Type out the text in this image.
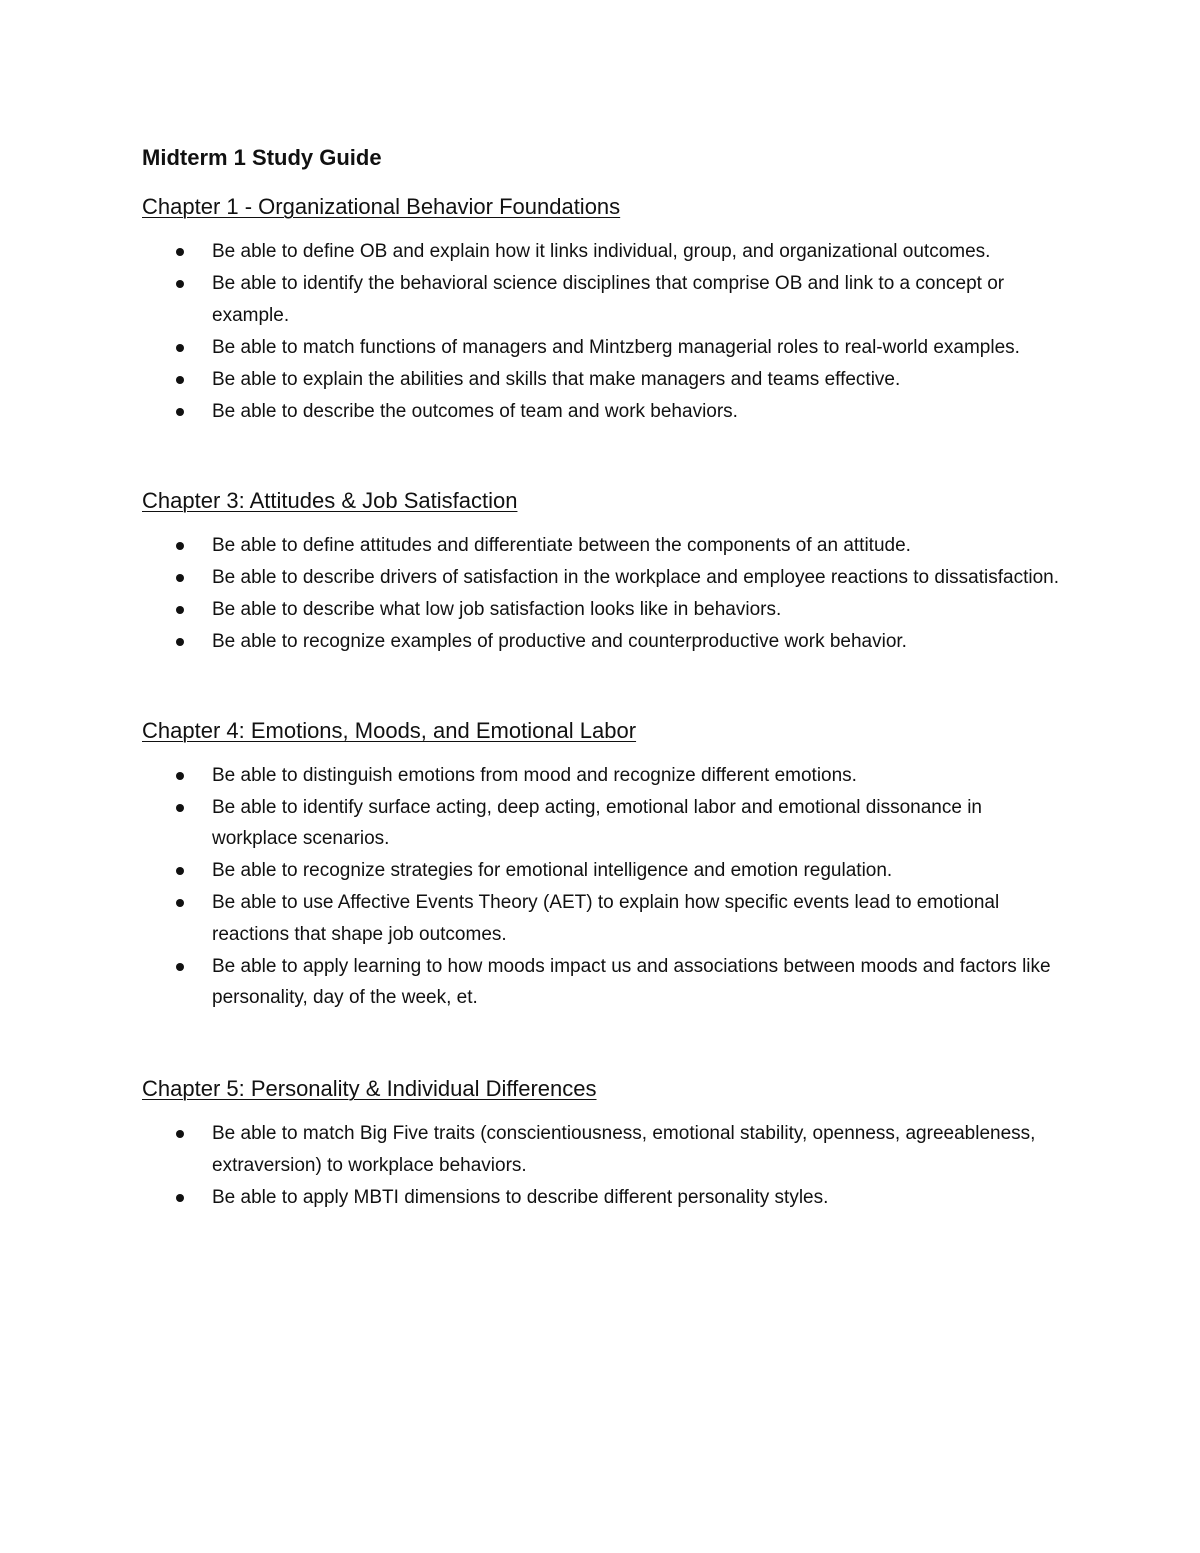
Midterm 1 Study Guide
Chapter 1 - Organizational Behavior Foundations
Be able to define OB and explain how it links individual, group, and organizational outcomes.
Be able to identify the behavioral science disciplines that comprise OB and link to a concept or example.
Be able to match functions of managers and Mintzberg managerial roles to real-world examples.
Be able to explain the abilities and skills that make managers and teams effective.
Be able to describe the outcomes of team and work behaviors.
Chapter 3: Attitudes & Job Satisfaction
Be able to define attitudes and differentiate between the components of an attitude.
Be able to describe drivers of satisfaction in the workplace and employee reactions to dissatisfaction.
Be able to describe what low job satisfaction looks like in behaviors.
Be able to recognize examples of productive and counterproductive work behavior.
Chapter 4: Emotions, Moods, and Emotional Labor
Be able to distinguish emotions from mood and recognize different emotions.
Be able to identify surface acting, deep acting, emotional labor and emotional dissonance in workplace scenarios.
Be able to recognize strategies for emotional intelligence and emotion regulation.
Be able to use Affective Events Theory (AET) to explain how specific events lead to emotional reactions that shape job outcomes.
Be able to apply learning to how moods impact us and associations between moods and factors like personality, day of the week, et.
Chapter 5: Personality & Individual Differences
Be able to match Big Five traits (conscientiousness, emotional stability, openness, agreeableness, extraversion) to workplace behaviors.
Be able to apply MBTI dimensions to describe different personality styles.
